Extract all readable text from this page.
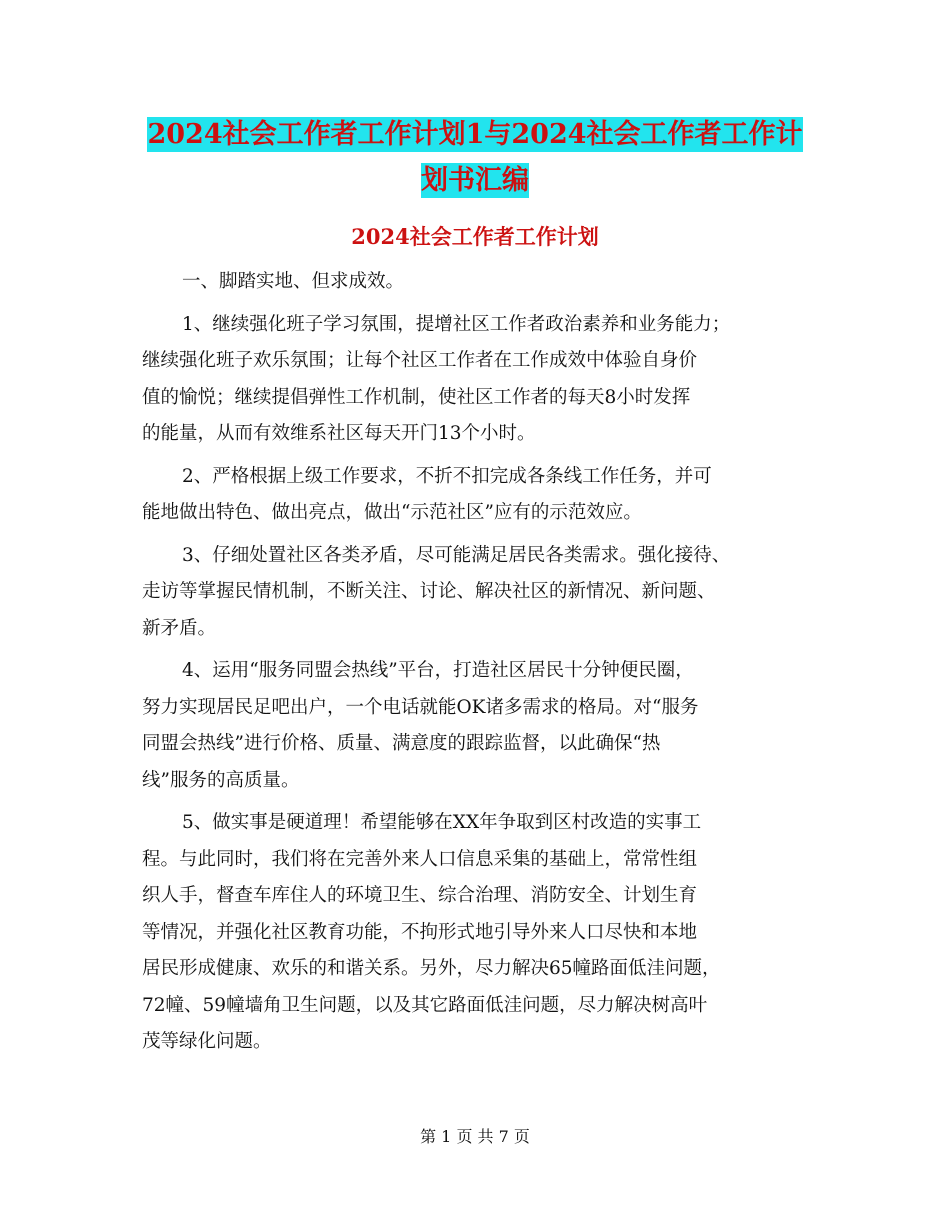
2024社会工作者工作计划1与2024社会工作者工作计
划书汇编
2024社会工作者工作计划
一、脚踏实地、但求成效。
1、继续强化班子学习氛围，提增社区工作者政治素养和业务能力；
继续强化班子欢乐氛围；让每个社区工作者在工作成效中体验自身价
值的愉悦；继续提倡弹性工作机制，使社区工作者的每天8小时发挥
的能量，从而有效维系社区每天开门13个小时。
2、严格根据上级工作要求，不折不扣完成各条线工作任务，并可
能地做出特色、做出亮点，做出“示范社区”应有的示范效应。
3、仔细处置社区各类矛盾，尽可能满足居民各类需求。强化接待、
走访等掌握民情机制，不断关注、讨论、解决社区的新情况、新问题、
新矛盾。
4、运用“服务同盟会热线”平台，打造社区居民十分钟便民圈，
努力实现居民足吧出户，一个电话就能OK诸多需求的格局。对“服务
同盟会热线”进行价格、质量、满意度的跟踪监督，以此确保“热
线”服务的高质量。
5、做实事是硬道理！希望能够在XX年争取到区村改造的实事工
程。与此同时，我们将在完善外来人口信息采集的基础上，常常性组
织人手，督查车库住人的环境卫生、综合治理、消防安全、计划生育
等情况，并强化社区教育功能，不拘形式地引导外来人口尽快和本地
居民形成健康、欢乐的和谐关系。另外，尽力解决65幢路面低洼问题，
72幢、59幢墙角卫生问题，以及其它路面低洼问题，尽力解决树高叶
茂等绿化问题。
第 1 页 共 7 页
